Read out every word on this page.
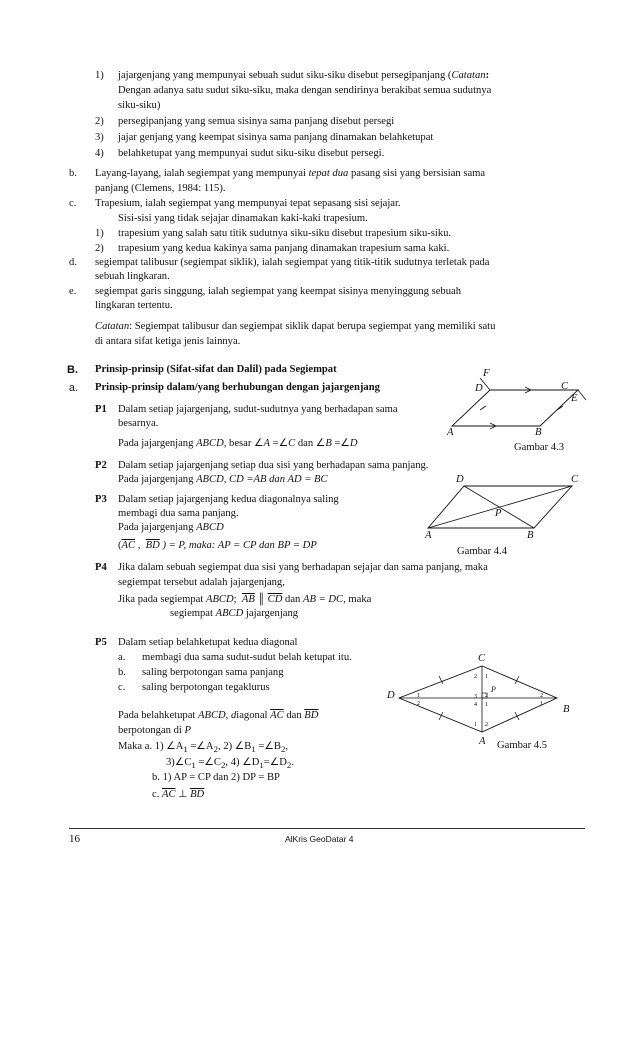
1) jajargenjang yang mempunyai sebuah sudut siku-siku disebut persegipanjang (Catatan:
Dengan adanya satu sudut siku-siku, maka dengan sendirinya berakibat semua sudutnya
siku-siku)
2) persegipanjang yang semua sisinya sama panjang disebut persegi
3) jajar genjang yang keempat sisinya sama panjang dinamakan belahketupat
4) belahketupat yang mempunyai sudut siku-siku disebut persegi.
b. Layang-layang, ialah segiempat yang mempunyai tepat dua pasang sisi yang bersisian sama
panjang (Clemens, 1984: 115).
c. Trapesium, ialah segiempat yang mempunyai tepat sepasang sisi sejajar.
Sisi-sisi yang tidak sejajar dinamakan kaki-kaki trapesium.
1) trapesium yang salah satu titik sudutnya siku-siku disebut trapesium siku-siku.
2) trapesium yang kedua kakinya sama panjang dinamakan trapesium sama kaki.
d. segiempat talibusur (segiempat siklik), ialah segiempat yang titik-titik sudutnya terletak pada
sebuah lingkaran.
e. segiempat garis singgung, ialah segiempat yang keempat sisinya menyinggung sebuah
lingkaran tertentu.
Catatan: Segiempat talibusur dan segiempat siklik dapat berupa segiempat yang memiliki satu
di antara sifat ketiga jenis lainnya.
B. Prinsip-prinsip (Sifat-sifat dan Dalil) pada Segiempat
a. Prinsip-prinsip dalam/yang berhubungan dengan jajargenjang
P1 Dalam setiap jajargenjang, sudut-sudutnya yang berhadapan sama
besarnya.
Pada jajargenjang ABCD, besar ∠A =∠C dan ∠B =∠D
P2 Dalam setiap jajargenjang setiap dua sisi yang berhadapan sama panjang.
Pada jajargenjang ABCD, CD =AB dan AD = BC
P3 Dalam setiap jajargenjang kedua diagonalnya saling
membagi dua sama panjang.
Pada jajargenjang ABCD
($\overline{AC}$ ,  $\overline{BD}$ ) = P, maka: AP = CP dan BP = DP
P4 Jika dalam sebuah segiempat dua sisi yang berhadapan sejajar dan sama panjang, maka
segiempat tersebut adalah jajargenjang,
Jika pada segiempat ABCD;  $\overline{AB}$ ║ $\overline{CD}$ dan AB = DC, maka
segiempat ABCD jajargenjang
P5 Dalam setiap belahketupat kedua diagonal
a. membagi dua sama sudut-sudut belah ketupat itu.
b. saling berpotongan sama panjang
c. saling berpotongan tegaklurus
Pada belahketupat ABCD, diagonal $\overline{AC}$ dan $\overline{BD}$
berpotongan di P
Maka a. 1) $\angle A_1$ $=\angle A_2$, 2) $\angle B_1$ $=\angle B_2$,
$3)\angle C_1$ $=\angle C_2$, 4) $\angle D_1=\angle D_2$.
b. 1) AP = CP dan 2) DP = BP
c. $\overline{AC}$ ⊥ $\overline{BD}$
F
D	C
E
A	B
Gambar 4.3
D	C
P
A	B
Gambar 4.4
2 1
3 2
4 1
1 2
1
2
2
1
C
P
D
B
A Gambar 4.5
16	AlKris GeoDatar 4
